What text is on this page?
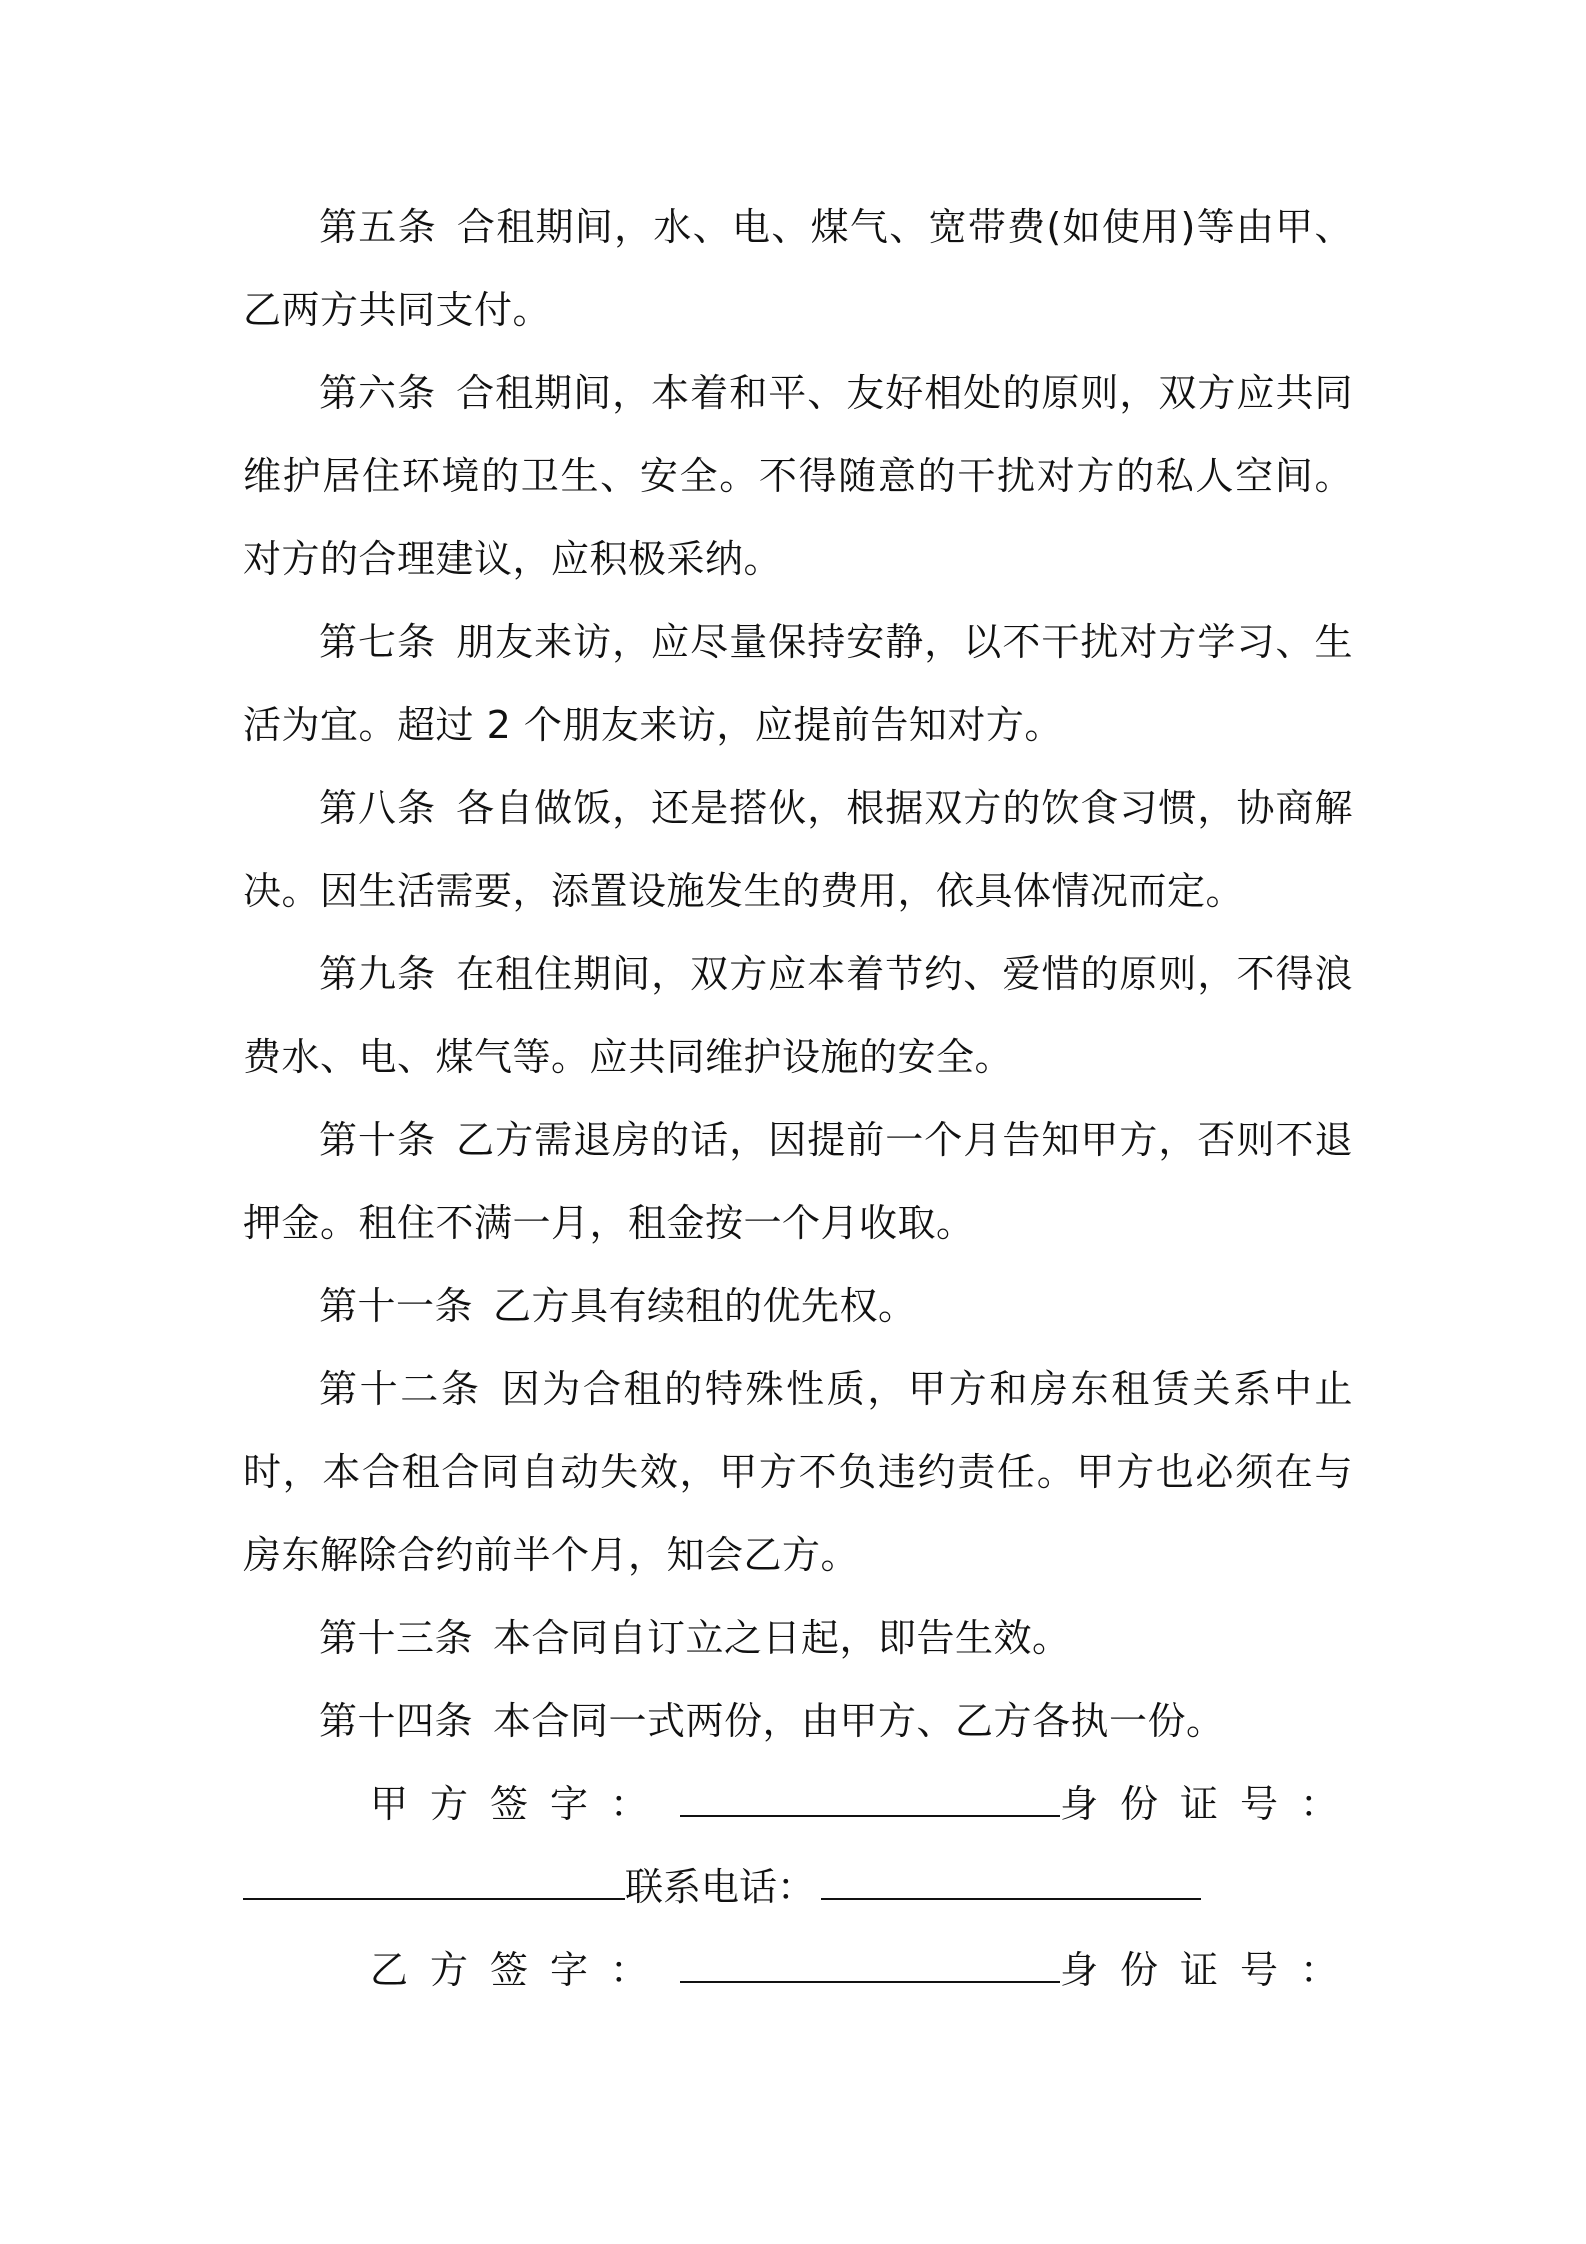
第五条 合租期间，水、电、煤气、宽带费(如使用)等由甲、乙两方共同支付。

第六条 合租期间，本着和平、友好相处的原则，双方应共同维护居住环境的卫生、安全。不得随意的干扰对方的私人空间。对方的合理建议，应积极采纳。

第七条 朋友来访，应尽量保持安静，以不干扰对方学习、生活为宜。超过 2 个朋友来访，应提前告知对方。

第八条 各自做饭，还是搭伙，根据双方的饮食习惯，协商解决。因生活需要，添置设施发生的费用，依具体情况而定。

第九条 在租住期间，双方应本着节约、爱惜的原则，不得浪费水、电、煤气等。应共同维护设施的安全。

第十条 乙方需退房的话，因提前一个月告知甲方，否则不退押金。租住不满一月，租金按一个月收取。

第十一条 乙方具有续租的优先权。

第十二条 因为合租的特殊性质，甲方和房东租赁关系中止时，本合租合同自动失效，甲方不负违约责任。甲方也必须在与房东解除合约前半个月，知会乙方。

第十三条 本合同自订立之日起，即告生效。

第十四条 本合同一式两份，由甲方、乙方各执一份。

甲方签字：	身份证号：

联系电话：

乙方签字：	身份证号：
